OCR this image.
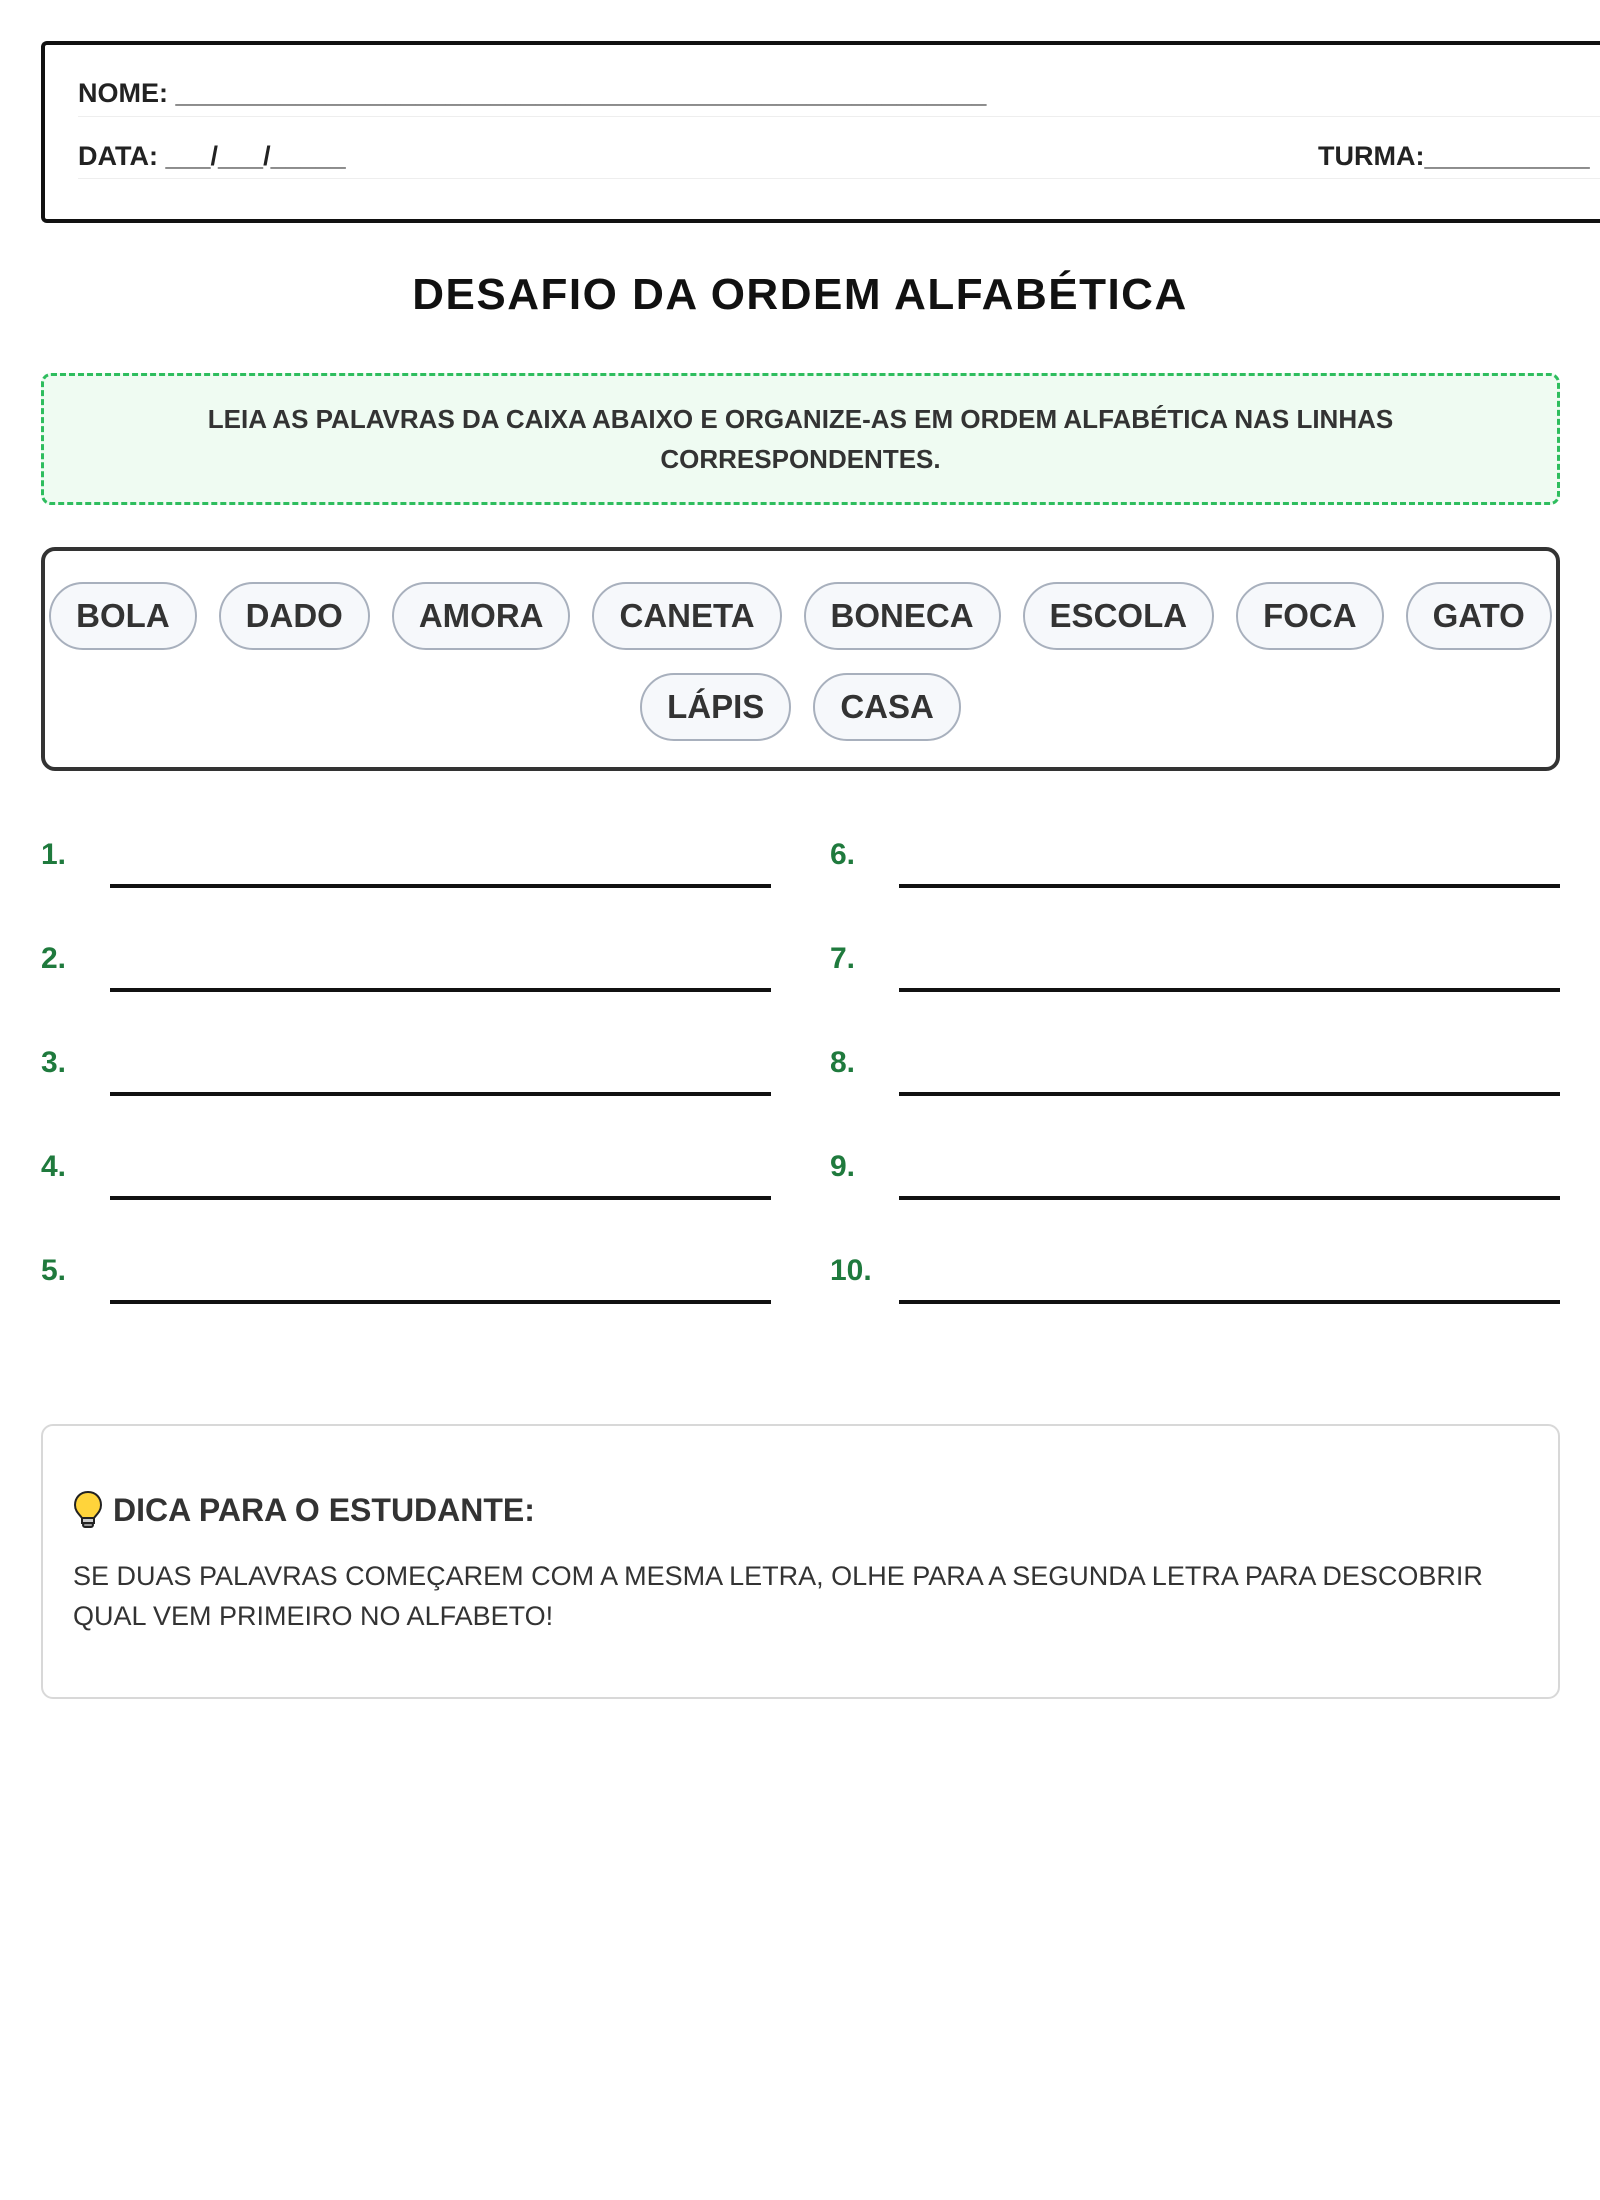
NOME: ______________________________________________________
DATA: ___/___/_____	TURMA:___________
DESAFIO DA ORDEM ALFABÉTICA
LEIA AS PALAVRAS DA CAIXA ABAIXO E ORGANIZE-AS EM ORDEM ALFABÉTICA NAS LINHAS CORRESPONDENTES.
BOLA	DADO	AMORA	CANETA	BONECA	ESCOLA	FOCA	GATO
LÁPIS	CASA
1.
2.
3.
4.
5.
6.
7.
8.
9.
10.
DICA PARA O ESTUDANTE:
SE DUAS PALAVRAS COMEÇAREM COM A MESMA LETRA, OLHE PARA A SEGUNDA LETRA PARA DESCOBRIR QUAL VEM PRIMEIRO NO ALFABETO!
